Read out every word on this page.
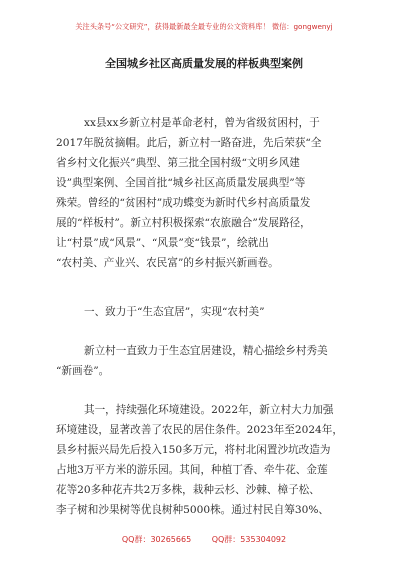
关注头条号“公文研究”，获得最新最全最专业的公文资料库！ 微信：gongwenyj
全国城乡社区高质量发展的样板典型案例
xx县xx乡新立村是革命老村，曾为省级贫困村，于
2017年脱贫摘帽。此后，新立村一路奋进，先后荣获“全
省乡村文化振兴”典型、第三批全国村级“文明乡风建
设”典型案例、全国首批“城乡社区高质量发展典型”等
殊荣。曾经的“贫困村”成功蝶变为新时代乡村高质量发
展的“样板村”。新立村积极探索“农旅融合”发展路径，
让“村景”成“风景”、“风景”变“钱景”，绘就出
“农村美、产业兴、农民富”的乡村振兴新画卷。
一、致力于“生态宜居”，实现“农村美”
新立村一直致力于生态宜居建设，精心描绘乡村秀美
“新画卷”。
其一，持续强化环境建设。2022年，新立村大力加强
环境建设，显著改善了农民的居住条件。2023年至2024年，
县乡村振兴局先后投入150多万元，将村北闲置沙坑改造为
占地3万平方米的游乐园。其间，种植丁香、牵牛花、金莲
花等20多种花卉共2万多株，栽种云杉、沙棘、樟子松、
李子树和沙果树等优良树种5000株。通过村民自筹30%、
QQ群：30265665 QQ群：535304092
